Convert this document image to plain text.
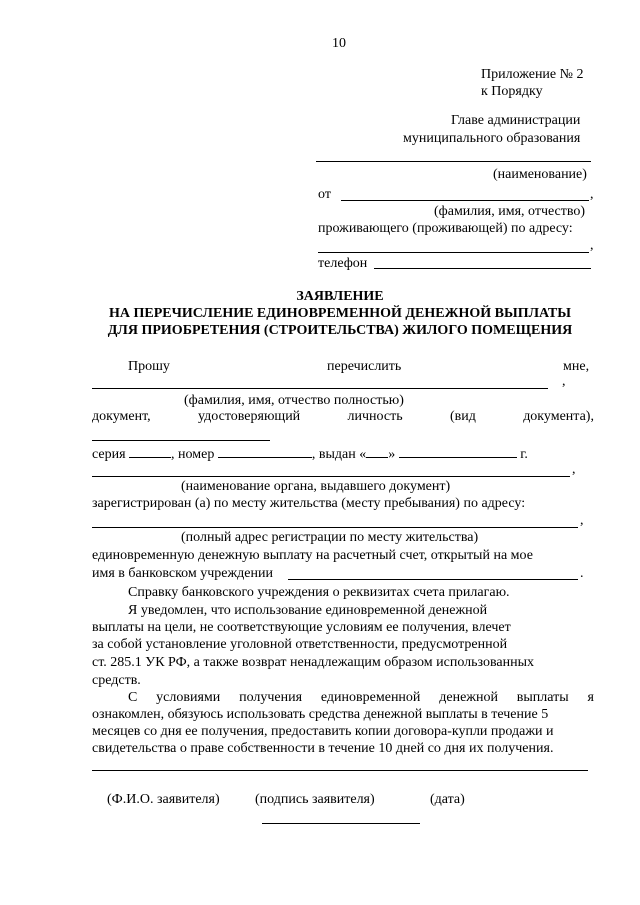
10
Приложение № 2
к Порядку
Главе администрации
муниципального образования
(наименование)
от	,
(фамилия, имя, отчество)
проживающего (проживающей) по адресу:
,
телефон
ЗАЯВЛЕНИЕ
НА ПЕРЕЧИСЛЕНИЕ ЕДИНОВРЕМЕННОЙ ДЕНЕЖНОЙ ВЫПЛАТЫ
ДЛЯ ПРИОБРЕТЕНИЯ (СТРОИТЕЛЬСТВА) ЖИЛОГО ПОМЕЩЕНИЯ
Прошу	перечислить	мне,
,
(фамилия, имя, отчество полностью)
документ,	удостоверяющий	личность	(вид	документа),
серия	, номер	, выдан « »	г.
,
(наименование органа, выдавшего документ)
зарегистрирован (а) по месту жительства (месту пребывания) по адресу:
,
(полный адрес регистрации по месту жительства)
единовременную денежную выплату на расчетный счет, открытый на мое
имя в банковском учреждении	.
Справку банковского учреждения о реквизитах счета прилагаю.
Я уведомлен, что использование единовременной денежной
выплаты на цели, не соответствующие условиям ее получения, влечет
за собой установление уголовной ответственности, предусмотренной
ст. 285.1 УК РФ, а также возврат ненадлежащим образом использованных
средств.
С условиями получения единовременной денежной выплаты я
ознакомлен, обязуюсь использовать средства денежной выплаты в течение 5
месяцев со дня ее получения, предоставить копии договора-купли продажи и
свидетельства о праве собственности в течение 10 дней со дня их получения.
(Ф.И.О. заявителя)	(подпись заявителя)	(дата)
